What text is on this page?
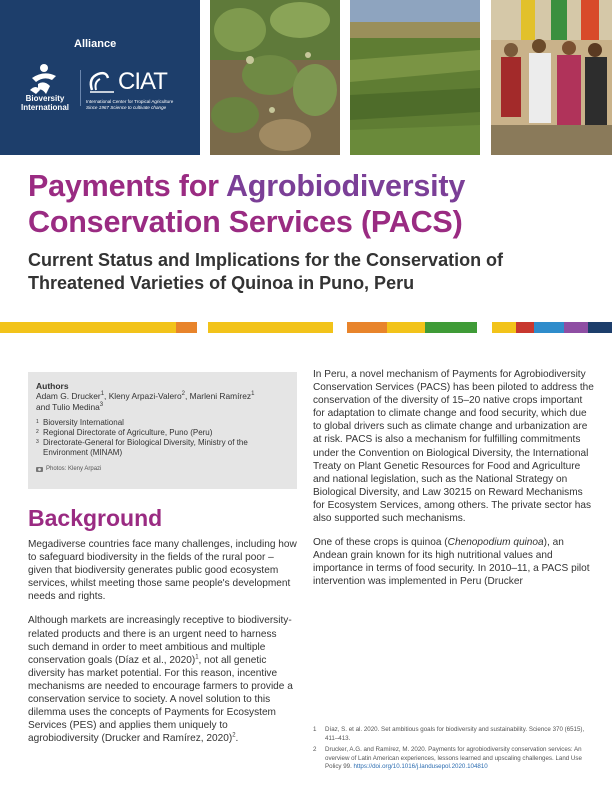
Alliance
Bioversity International
CIAT
International Center for Tropical Agriculture
Since 1967 Science to cultivate change
Payments for Agrobiodiversity
Conservation Services (PACS)
Current Status and Implications for the Conservation of Threatened Varieties of Quinoa in Puno, Peru
Authors
Adam G. Drucker$^1$, Kleny Arpazi-Valero$^2$, Marleni Ramírez$^1$
and Tulio Medina$^3$
1 Bioversity International
2 Regional Directorate of Agriculture, Puno (Peru)
3 Directorate-General for Biological Diversity, Ministry of the Environment (MINAM)
Photos: Kleny Arpazi
Background

Megadiverse countries face many challenges, including how to safeguard biodiversity in the fields of the rural poor – given that biodiversity generates public good ecosystem services, whilst meeting those same people's development needs and rights.

Although markets are increasingly receptive to biodiversity-related products and there is an urgent need to harness such demand in order to meet ambitious and multiple conservation goals (Díaz et al., 2020)$^1$, not all genetic diversity has market potential. For this reason, incentive mechanisms are needed to encourage farmers to provide a conservation service to society. A novel solution to this dilemma uses the concepts of Payments for Ecosystem Services (PES) and applies them uniquely to agrobiodiversity (Drucker and Ramírez, 2020)$^2$.

In Peru, a novel mechanism of Payments for Agrobiodiversity Conservation Services (PACS) has been piloted to address the conservation of the diversity of 15–20 native crops important for adaptation to climate change and food security, which due to global drivers such as climate change and urbanization are at risk. PACS is also a mechanism for fulfilling commitments under the Convention on Biological Diversity, the International Treaty on Plant Genetic Resources for Food and Agriculture and national legislation, such as the National Strategy on Biological Diversity, and Law 30215 on Reward Mechanisms for Ecosystem Services, among others. The private sector has also supported such mechanisms.

One of these crops is quinoa (Chenopodium quinoa), an Andean grain known for its high nutritional values and importance in terms of food security. In 2010–11, a PACS pilot intervention was implemented in Peru (Drucker

1	Díaz, S. et al. 2020. Set ambitious goals for biodiversity and sustainability. Science 370 (6515), 411–413.
2	Drucker, A.G. and Ramírez, M. 2020. Payments for agrobiodiversity conservation services: An overview of Latin American experiences, lessons learned and upscaling challenges. Land Use Policy 99. https://doi.org/10.1016/j.landusepol.2020.104810
